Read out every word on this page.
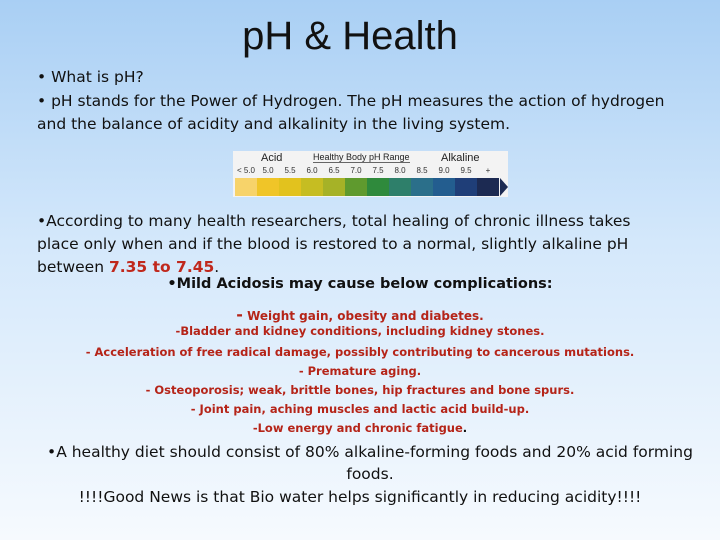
pH & Health
• What is pH?
• pH stands for the Power of Hydrogen. The pH measures the action of hydrogen and the balance of acidity and alkalinity in the living system.
Acid	Healthy Body pH Range	Alkaline
< 5.0 5.0	5.5	6.0	6.5	7.0	7.5	8.0	8.5	9.0	9.5	+
•According to many health researchers, total healing of chronic illness takes place only when and if the blood is restored to a normal, slightly alkaline pH between 7.35 to 7.45.
•Mild Acidosis may cause below complications:
- Weight gain, obesity and diabetes.
-Bladder and kidney conditions, including kidney stones.
- Acceleration of free radical damage, possibly contributing to cancerous mutations.
- Premature aging.
- Osteoporosis; weak, brittle bones, hip fractures and bone spurs.
- Joint pain, aching muscles and lactic acid build-up.
-Low energy and chronic fatigue.
•A healthy diet should consist of 80% alkaline-forming foods and 20% acid forming foods.
!!!!Good News is that Bio water helps significantly in reducing acidity!!!!
